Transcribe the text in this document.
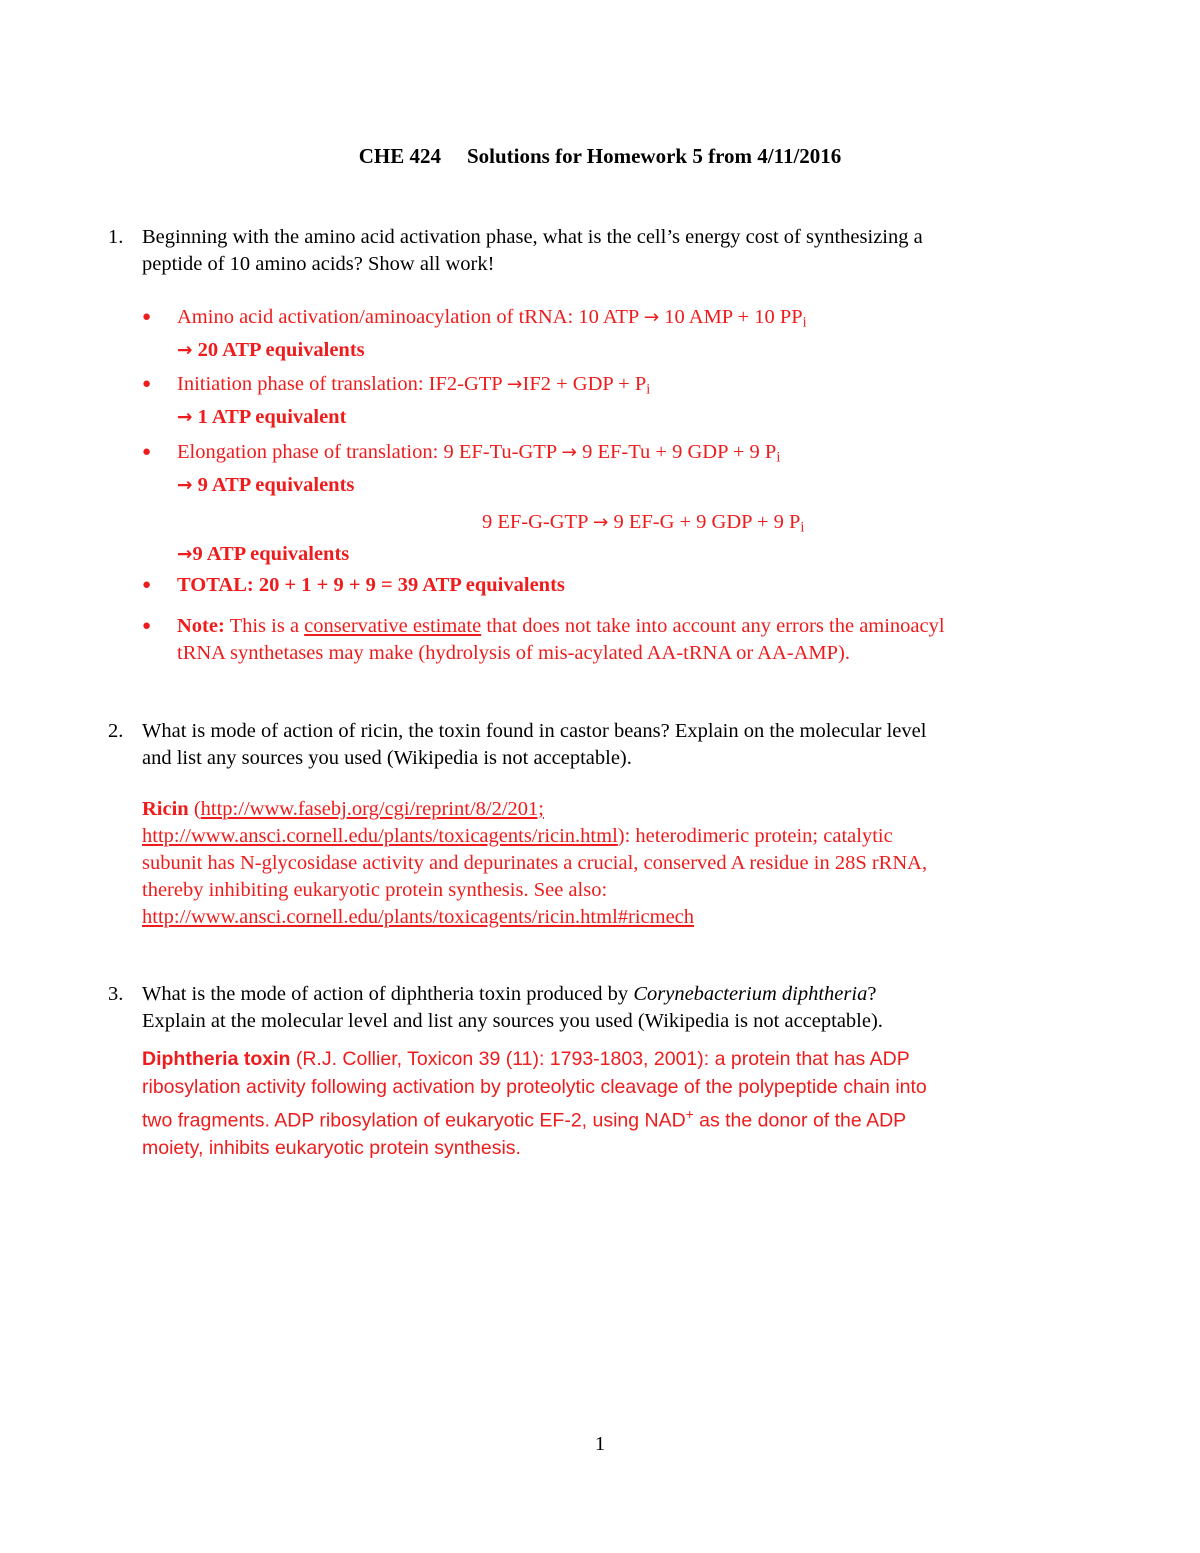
CHE 424 Solutions for Homework 5 from 4/11/2016
1. Beginning with the amino acid activation phase, what is the cell’s energy cost of synthesizing a
peptide of 10 amino acids? Show all work!
● Amino acid activation/aminoacylation of tRNA: 10 ATP → 10 AMP + 10 $PP_i$
→ 20 ATP equivalents
● Initiation phase of translation: IF2-GTP →IF2 + GDP + $P_i$
→ 1 ATP equivalent
● Elongation phase of translation: 9 EF-Tu-GTP → 9 EF-Tu + 9 GDP + 9 $P_i$
→ 9 ATP equivalents
9 EF-G-GTP → 9 EF-G + 9 GDP + 9 $P_i$
→9 ATP equivalents
● TOTAL: 20 + 1 + 9 + 9 = 39 ATP equivalents
● Note: This is a conservative estimate that does not take into account any errors the aminoacyl
tRNA synthetases may make (hydrolysis of mis-acylated AA-tRNA or AA-AMP).
2. What is mode of action of ricin, the toxin found in castor beans? Explain on the molecular level
and list any sources you used (Wikipedia is not acceptable).
Ricin (http://www.fasebj.org/cgi/reprint/8/2/201;
http://www.ansci.cornell.edu/plants/toxicagents/ricin.html): heterodimeric protein; catalytic
subunit has N-glycosidase activity and depurinates a crucial, conserved A residue in 28S rRNA,
thereby inhibiting eukaryotic protein synthesis. See also:
http://www.ansci.cornell.edu/plants/toxicagents/ricin.html#ricmech
3. What is the mode of action of diphtheria toxin produced by Corynebacterium diphtheria?
Explain at the molecular level and list any sources you used (Wikipedia is not acceptable).
Diphtheria toxin (R.J. Collier, Toxicon 39 (11): 1793-1803, 2001): a protein that has ADP
ribosylation activity following activation by proteolytic cleavage of the polypeptide chain into
two fragments. ADP ribosylation of eukaryotic EF-2, using NAD+ as the donor of the ADP
moiety, inhibits eukaryotic protein synthesis.
1
